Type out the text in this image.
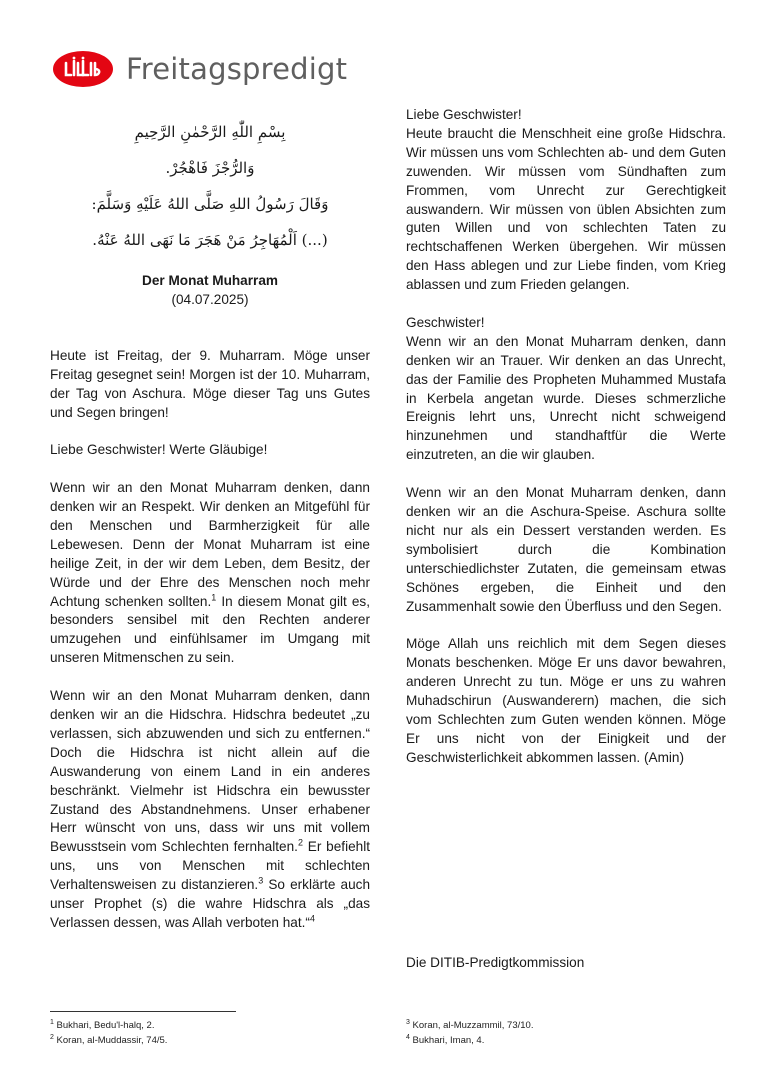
Freitagspredigt
بِسْمِ اللّٰهِ الرَّحْمٰنِ الرَّحِيمِ
وَالرُّجْزَ فَاهْجُرْ.
وَقَالَ رَسُولُ اللهِ صَلَّى اللهُ عَلَيْهِ وَسَلَّمَ:
(...) اَلْمُهَاجِرُ مَنْ هَجَرَ مَا نَهَى اللهُ عَنْهُ.
Der Monat Muharram
(04.07.2025)

Heute ist Freitag, der 9. Muharram. Möge unser Freitag gesegnet sein! Morgen ist der 10. Muharram, der Tag von Aschura. Möge dieser Tag uns Gutes und Segen bringen!

Liebe Geschwister! Werte Gläubige!

Wenn wir an den Monat Muharram denken, dann denken wir an Respekt. Wir denken an Mitgefühl für den Menschen und Barmherzigkeit für alle Lebewesen. Denn der Monat Muharram ist eine heilige Zeit, in der wir dem Leben, dem Besitz, der Würde und der Ehre des Menschen noch mehr Achtung schenken sollten.$^1$ In diesem Monat gilt es, besonders sensibel mit den Rechten anderer umzugehen und einfühlsamer im Umgang mit unseren Mitmenschen zu sein.

Wenn wir an den Monat Muharram denken, dann denken wir an die Hidschra. Hidschra bedeutet „zu verlassen, sich abzuwenden und sich zu entfernen.“ Doch die Hidschra ist nicht allein auf die Auswanderung von einem Land in ein anderes beschränkt. Vielmehr ist Hidschra ein bewusster Zustand des Abstandnehmens. Unser erhabener Herr wünscht von uns, dass wir uns mit vollem Bewusstsein vom Schlechten fernhalten.$^2$ Er befiehlt uns, uns von Menschen mit schlechten Verhaltensweisen zu distanzieren.$^3$ So erklärte auch unser Prophet (s) die wahre Hidschra als „das Verlassen dessen, was Allah verboten hat.“$^4$

Liebe Geschwister!

Heute braucht die Menschheit eine große Hidschra. Wir müssen uns vom Schlechten ab- und dem Guten zuwenden. Wir müssen vom Sündhaften zum Frommen, vom Unrecht zur Gerechtigkeit auswandern. Wir müssen von üblen Absichten zum guten Willen und von schlechten Taten zu rechtschaffenen Werken übergehen. Wir müssen den Hass ablegen und zur Liebe finden, vom Krieg ablassen und zum Frieden gelangen.

Geschwister!

Wenn wir an den Monat Muharram denken, dann denken wir an Trauer. Wir denken an das Unrecht, das der Familie des Propheten Muhammed Mustafa in Kerbela angetan wurde. Dieses schmerzliche Ereignis lehrt uns, Unrecht nicht schweigend hinzunehmen und standhaftfür die Werte einzutreten, an die wir glauben.

Wenn wir an den Monat Muharram denken, dann denken wir an die Aschura-Speise. Aschura sollte nicht nur als ein Dessert verstanden werden. Es symbolisiert durch die Kombination unterschiedlichster Zutaten, die gemeinsam etwas Schönes ergeben, die Einheit und den Zusammenhalt sowie den Überfluss und den Segen.

Möge Allah uns reichlich mit dem Segen dieses Monats beschenken. Möge Er uns davor bewahren, anderen Unrecht zu tun. Möge er uns zu wahren Muhadschirun (Auswanderern) machen, die sich vom Schlechten zum Guten wenden können. Möge Er uns nicht von der Einigkeit und der Geschwisterlichkeit abkommen lassen. (Amin)

Die DITIB-Predigtkommission
$^1$ Bukhari, Bedu'l-halq, 2.
$^2$ Koran, al-Muddassir, 74/5.
$^3$ Koran, al-Muzzammil, 73/10.
$^4$ Bukhari, Iman, 4.
